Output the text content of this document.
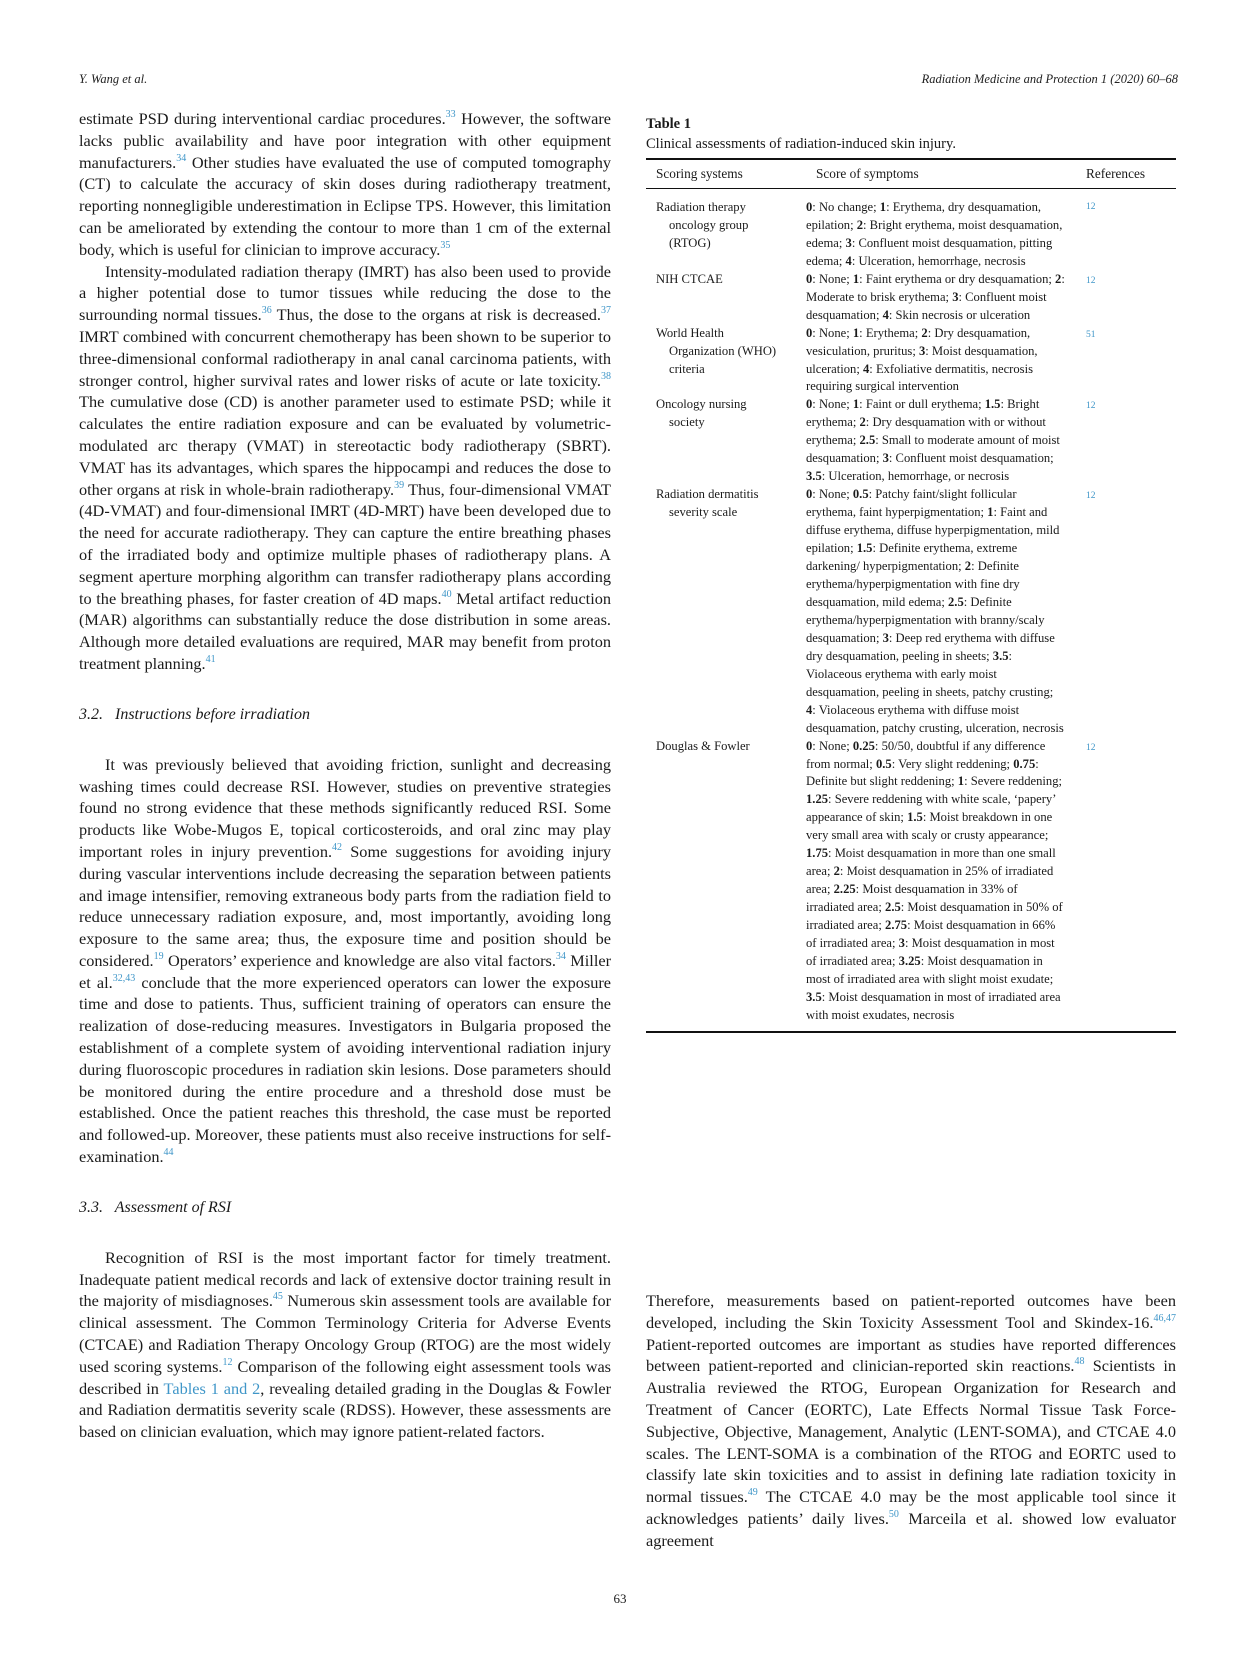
Y. Wang et al.	Radiation Medicine and Protection 1 (2020) 60–68

estimate PSD during interventional cardiac procedures.$^{33}$ However, the software lacks public availability and have poor integration with other equipment manufacturers.$^{34}$ Other studies have evaluated the use of computed tomography (CT) to calculate the accuracy of skin doses during radiotherapy treatment, reporting nonnegligible underestimation in Eclipse TPS. However, this limitation can be ameliorated by extending the contour to more than 1 cm of the external body, which is useful for clinician to improve accuracy.$^{35}$

Intensity-modulated radiation therapy (IMRT) has also been used to provide a higher potential dose to tumor tissues while reducing the dose to the surrounding normal tissues.$^{36}$ Thus, the dose to the organs at risk is decreased.$^{37}$ IMRT combined with concurrent chemotherapy has been shown to be superior to three-dimensional conformal radiotherapy in anal canal carcinoma patients, with stronger control, higher survival rates and lower risks of acute or late toxicity.$^{38}$ The cumulative dose (CD) is another parameter used to estimate PSD; while it calculates the entire radiation exposure and can be evaluated by volumetric-modulated arc therapy (VMAT) in stereotactic body radiotherapy (SBRT). VMAT has its advantages, which spares the hippocampi and reduces the dose to other organs at risk in whole-brain radiotherapy.$^{39}$ Thus, four-dimensional VMAT (4D-VMAT) and four-dimensional IMRT (4D-MRT) have been developed due to the need for accurate radiotherapy. They can capture the entire breathing phases of the irradiated body and optimize multiple phases of radiotherapy plans. A segment aperture morphing algorithm can transfer radiotherapy plans according to the breathing phases, for faster creation of 4D maps.$^{40}$ Metal artifact reduction (MAR) algorithms can substantially reduce the dose distribution in some areas. Although more detailed evaluations are required, MAR may benefit from proton treatment planning.$^{41}$

3.2. Instructions before irradiation

It was previously believed that avoiding friction, sunlight and decreasing washing times could decrease RSI. However, studies on preventive strategies found no strong evidence that these methods significantly reduced RSI. Some products like Wobe-Mugos E, topical corticosteroids, and oral zinc may play important roles in injury prevention.$^{42}$ Some suggestions for avoiding injury during vascular interventions include decreasing the separation between patients and image intensifier, removing extraneous body parts from the radiation field to reduce unnecessary radiation exposure, and, most importantly, avoiding long exposure to the same area; thus, the exposure time and position should be considered.$^{19}$ Operators’ experience and knowledge are also vital factors.$^{34}$ Miller et al.$^{32,43}$ conclude that the more experienced operators can lower the exposure time and dose to patients. Thus, sufficient training of operators can ensure the realization of dose-reducing measures. Investigators in Bulgaria proposed the establishment of a complete system of avoiding interventional radiation injury during fluoroscopic procedures in radiation skin lesions. Dose parameters should be monitored during the entire procedure and a threshold dose must be established. Once the patient reaches this threshold, the case must be reported and followed-up. Moreover, these patients must also receive instructions for self-examination.$^{44}$

3.3. Assessment of RSI

Recognition of RSI is the most important factor for timely treatment. Inadequate patient medical records and lack of extensive doctor training result in the majority of misdiagnoses.$^{45}$ Numerous skin assessment tools are available for clinical assessment. The Common Terminology Criteria for Adverse Events (CTCAE) and Radiation Therapy Oncology Group (RTOG) are the most widely used scoring systems.$^{12}$ Comparison of the following eight assessment tools was described in Tables 1 and 2, revealing detailed grading in the Douglas & Fowler and Radiation dermatitis severity scale (RDSS). However, these assessments are based on clinician evaluation, which may ignore patient-related factors.

Table 1
Clinical assessments of radiation-induced skin injury.
Scoring systems	Score of symptoms	References

Radiation therapy
oncology group
(RTOG)	0: No change; 1: Erythema, dry desquamation, epilation; 2: Bright erythema, moist desquamation, edema; 3: Confluent moist desquamation, pitting edema; 4: Ulceration, hemorrhage, necrosis	12

NIH CTCAE	0: None; 1: Faint erythema or dry desquamation; 2: Moderate to brisk erythema; 3: Confluent moist desquamation; 4: Skin necrosis or ulceration	12

World Health
Organization (WHO)
criteria	0: None; 1: Erythema; 2: Dry desquamation, vesiculation, pruritus; 3: Moist desquamation, ulceration; 4: Exfoliative dermatitis, necrosis requiring surgical intervention	51

Oncology nursing
society	0: None; 1: Faint or dull erythema; 1.5: Bright erythema; 2: Dry desquamation with or without erythema; 2.5: Small to moderate amount of moist desquamation; 3: Confluent moist desquamation; 3.5: Ulceration, hemorrhage, or necrosis	12

Radiation dermatitis
severity scale	0: None; 0.5: Patchy faint/slight follicular erythema, faint hyperpigmentation; 1: Faint and diffuse erythema, diffuse hyperpigmentation, mild epilation; 1.5: Definite erythema, extreme darkening/ hyperpigmentation; 2: Definite erythema/hyperpigmentation with fine dry desquamation, mild edema; 2.5: Definite erythema/hyperpigmentation with branny/scaly desquamation; 3: Deep red erythema with diffuse dry desquamation, peeling in sheets; 3.5: Violaceous erythema with early moist desquamation, peeling in sheets, patchy crusting; 4: Violaceous erythema with diffuse moist desquamation, patchy crusting, ulceration, necrosis	12

Douglas & Fowler	0: None; 0.25: 50/50, doubtful if any difference from normal; 0.5: Very slight reddening; 0.75: Definite but slight reddening; 1: Severe reddening; 1.25: Severe reddening with white scale, ‘papery’ appearance of skin; 1.5: Moist breakdown in one very small area with scaly or crusty appearance; 1.75: Moist desquamation in more than one small area; 2: Moist desquamation in 25% of irradiated area; 2.25: Moist desquamation in 33% of irradiated area; 2.5: Moist desquamation in 50% of irradiated area; 2.75: Moist desquamation in 66% of irradiated area; 3: Moist desquamation in most of irradiated area; 3.25: Moist desquamation in most of irradiated area with slight moist exudate; 3.5: Moist desquamation in most of irradiated area with moist exudates, necrosis	12

Therefore, measurements based on patient-reported outcomes have been developed, including the Skin Toxicity Assessment Tool and Skindex-16.$^{46,47}$ Patient-reported outcomes are important as studies have reported differences between patient-reported and clinician-reported skin reactions.$^{48}$ Scientists in Australia reviewed the RTOG, European Organization for Research and Treatment of Cancer (EORTC), Late Effects Normal Tissue Task Force-Subjective, Objective, Management, Analytic (LENT-SOMA), and CTCAE 4.0 scales. The LENT-SOMA is a combination of the RTOG and EORTC used to classify late skin toxicities and to assist in defining late radiation toxicity in normal tissues.$^{49}$ The CTCAE 4.0 may be the most applicable tool since it acknowledges patients’ daily lives.$^{50}$ Marceila et al. showed low evaluator agreement

63
